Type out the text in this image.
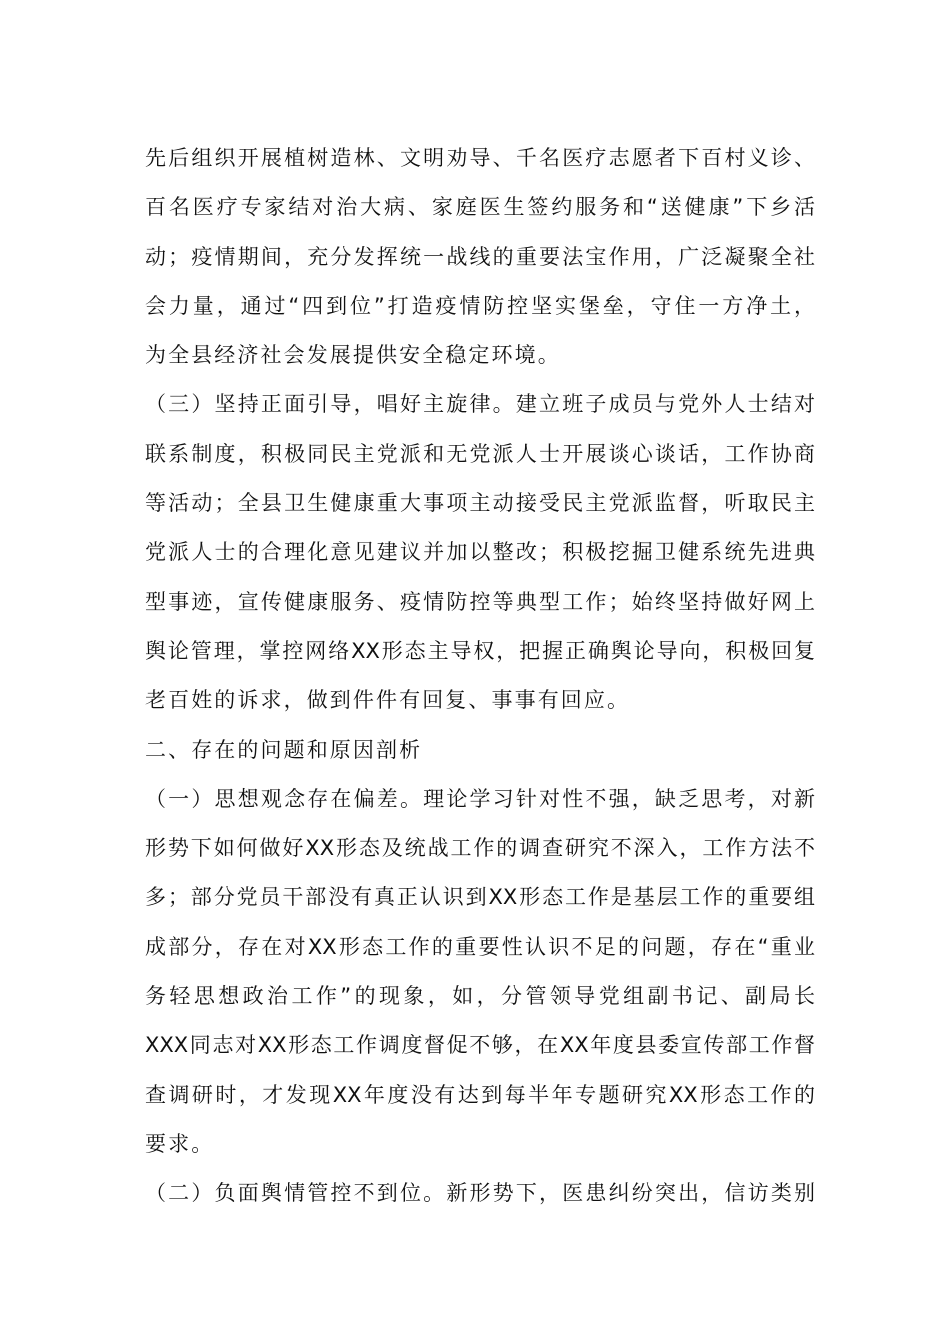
先后组织开展植树造林、文明劝导、千名医疗志愿者下百村义诊、
百名医疗专家结对治大病、家庭医生签约服务和“送健康”下乡活
动；疫情期间，充分发挥统一战线的重要法宝作用，广泛凝聚全社
会力量，通过“四到位”打造疫情防控坚实堡垒，守住一方净土，
为全县经济社会发展提供安全稳定环境。
（三）坚持正面引导，唱好主旋律。建立班子成员与党外人士结对
联系制度，积极同民主党派和无党派人士开展谈心谈话，工作协商
等活动；全县卫生健康重大事项主动接受民主党派监督，听取民主
党派人士的合理化意见建议并加以整改；积极挖掘卫健系统先进典
型事迹，宣传健康服务、疫情防控等典型工作；始终坚持做好网上
舆论管理，掌控网络XX形态主导权，把握正确舆论导向，积极回复
老百姓的诉求，做到件件有回复、事事有回应。
二、存在的问题和原因剖析
（一）思想观念存在偏差。理论学习针对性不强，缺乏思考，对新
形势下如何做好XX形态及统战工作的调查研究不深入，工作方法不
多；部分党员干部没有真正认识到XX形态工作是基层工作的重要组
成部分，存在对XX形态工作的重要性认识不足的问题，存在“重业
务轻思想政治工作”的现象，如，分管领导党组副书记、副局长
XXX同志对XX形态工作调度督促不够，在XX年度县委宣传部工作督
查调研时，才发现XX年度没有达到每半年专题研究XX形态工作的
要求。
（二）负面舆情管控不到位。新形势下，医患纠纷突出，信访类别
